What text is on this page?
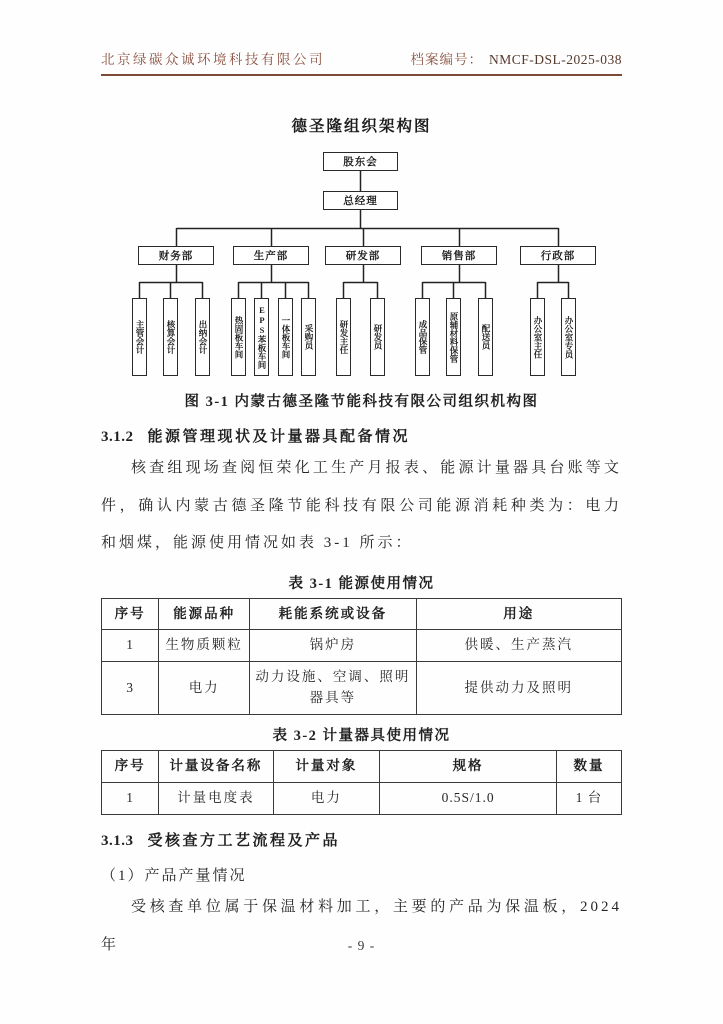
北京绿碳众诚环境科技有限公司	档案编号： NMCF-DSL-2025-038
德圣隆组织架构图
股东会
总经理
财务部	生产部	研发部	销售部	行政部
主管会计	核算会计	出纳会计	热固板车间	EPS苯板车间	一体板车间	采购员	研发主任	研发员	成品保管	原辅材料保管	配送员	办公室主任	办公室专员
图 3-1 内蒙古德圣隆节能科技有限公司组织机构图
3.1.2 能源管理现状及计量器具配备情况
核查组现场查阅恒荣化工生产月报表、能源计量器具台账等文件，确认内蒙古德圣隆节能科技有限公司能源消耗种类为：电力和烟煤，能源使用情况如表 3-1 所示：
表 3-1 能源使用情况
序号	能源品种	耗能系统或设备	用途
1	生物质颗粒	锅炉房	供暖、生产蒸汽
3	电力	动力设施、空调、照明器具等	提供动力及照明
表 3-2 计量器具使用情况
序号	计量设备名称	计量对象	规格	数量
1	计量电度表	电力	0.5S/1.0	1 台
3.1.3 受核查方工艺流程及产品
（1）产品产量情况
受核查单位属于保温材料加工，主要的产品为保温板，2024 年	- 9 -
